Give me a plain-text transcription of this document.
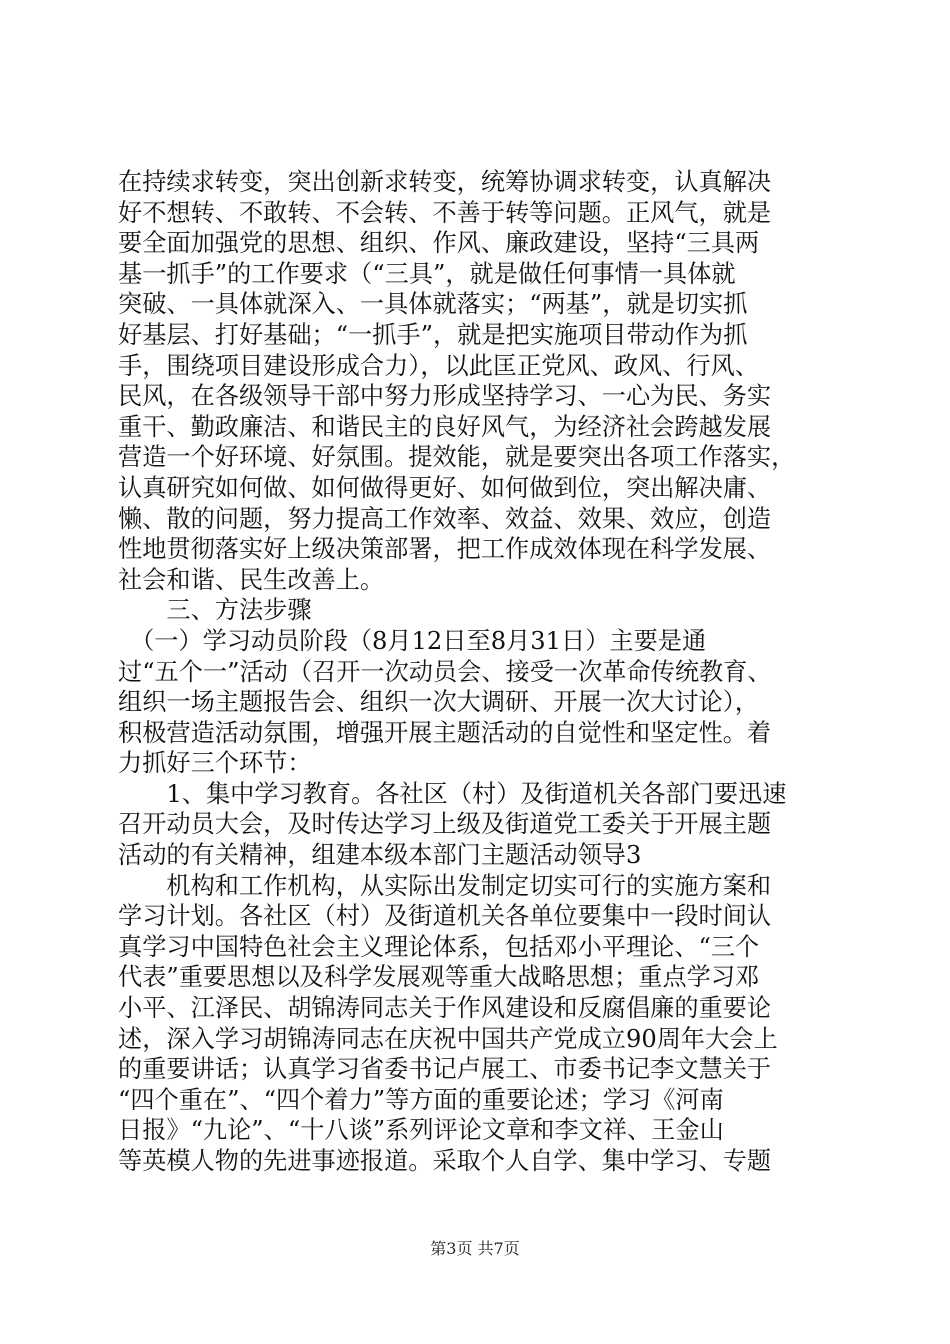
在持续求转变，突出创新求转变，统筹协调求转变，认真解决
好不想转、不敢转、不会转、不善于转等问题。正风气，就是
要全面加强党的思想、组织、作风、廉政建设，坚持“三具两
基一抓手”的工作要求（“三具”，就是做任何事情一具体就
突破、一具体就深入、一具体就落实；“两基”，就是切实抓
好基层、打好基础；“一抓手”，就是把实施项目带动作为抓
手，围绕项目建设形成合力），以此匡正党风、政风、行风、
民风，在各级领导干部中努力形成坚持学习、一心为民、务实
重干、勤政廉洁、和谐民主的良好风气，为经济社会跨越发展
营造一个好环境、好氛围。提效能，就是要突出各项工作落实，
认真研究如何做、如何做得更好、如何做到位，突出解决庸、
懒、散的问题，努力提高工作效率、效益、效果、效应，创造
性地贯彻落实好上级决策部署，把工作成效体现在科学发展、
社会和谐、民生改善上。
　　三、方法步骤
　（一）学习动员阶段（8月12日至8月31日）主要是通
过“五个一”活动（召开一次动员会、接受一次革命传统教育、
组织一场主题报告会、组织一次大调研、开展一次大讨论），
积极营造活动氛围，增强开展主题活动的自觉性和坚定性。着
力抓好三个环节：
　　1、集中学习教育。各社区（村）及街道机关各部门要迅速
召开动员大会，及时传达学习上级及街道党工委关于开展主题
活动的有关精神，组建本级本部门主题活动领导3
　　机构和工作机构，从实际出发制定切实可行的实施方案和
学习计划。各社区（村）及街道机关各单位要集中一段时间认
真学习中国特色社会主义理论体系，包括邓小平理论、“三个
代表”重要思想以及科学发展观等重大战略思想；重点学习邓
小平、江泽民、胡锦涛同志关于作风建设和反腐倡廉的重要论
述，深入学习胡锦涛同志在庆祝中国共产党成立90周年大会上
的重要讲话；认真学习省委书记卢展工、市委书记李文慧关于
“四个重在”、“四个着力”等方面的重要论述；学习《河南
日报》“九论”、“十八谈”系列评论文章和李文祥、王金山
等英模人物的先进事迹报道。采取个人自学、集中学习、专题
第3页 共7页
